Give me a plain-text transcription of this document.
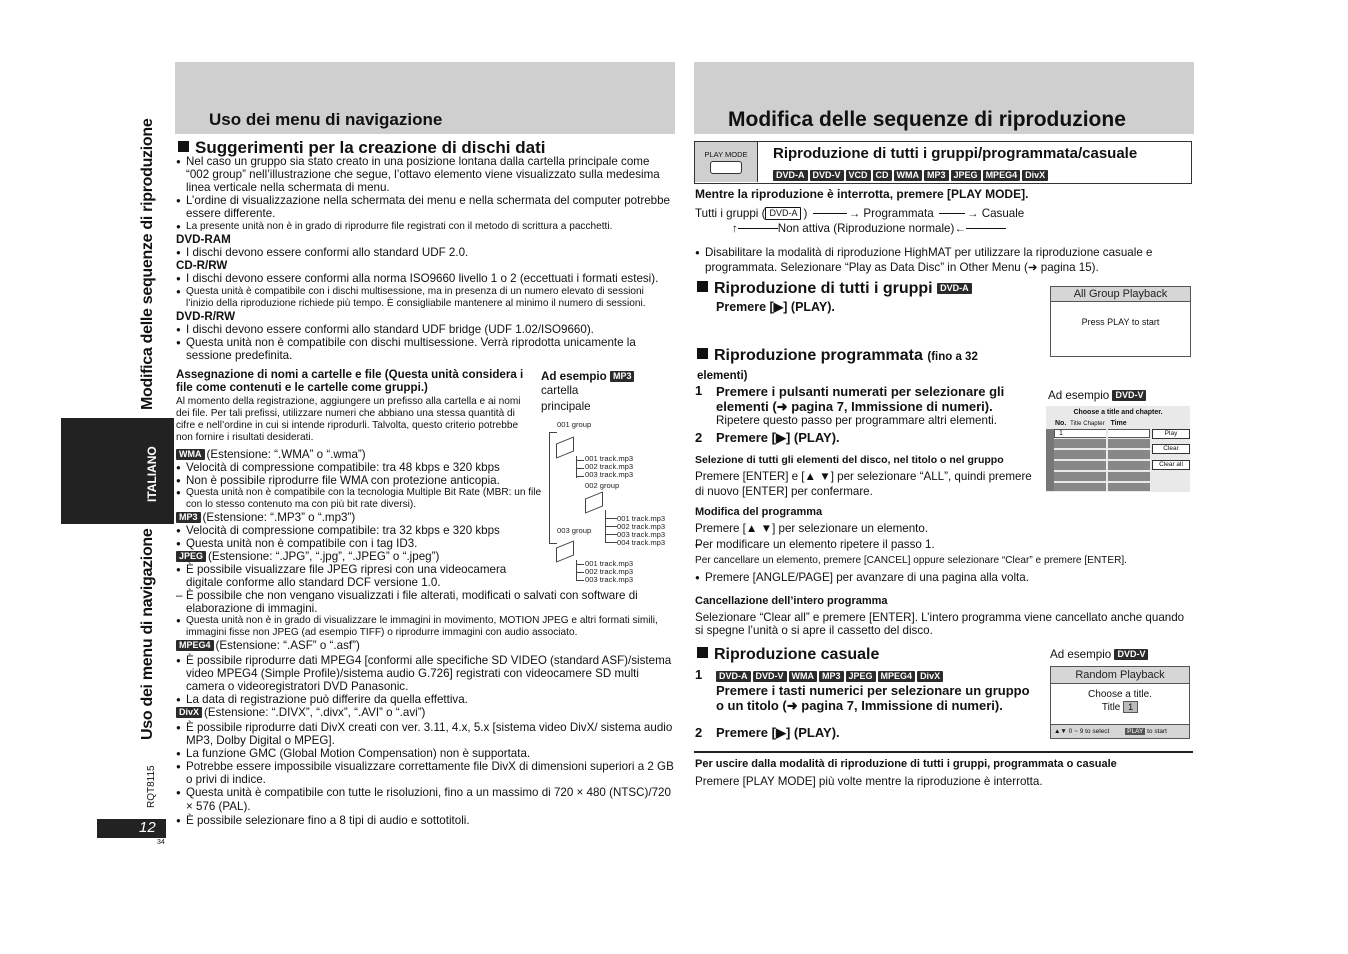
Modifica delle sequenze di riproduzione
Uso dei menu di navigazione
ITALIANO
RQT8115
12
34
Uso dei menu di navigazione
Suggerimenti per la creazione di dischi dati
● Nel caso un gruppo sia stato creato in una posizione lontana dalla cartella principale come “002 group” nell’illustrazione che segue, l’ottavo elemento viene visualizzato sulla medesima linea verticale nella schermata di menu.
● L’ordine di visualizzazione nella schermata dei menu e nella schermata del computer potrebbe essere differente.
● La presente unità non è in grado di riprodurre file registrati con il metodo di scrittura a pacchetti.
DVD-RAM
● I dischi devono essere conformi allo standard UDF 2.0.
CD-R/RW
● I dischi devono essere conformi alla norma ISO9660 livello 1 o 2 (eccettuati i formati estesi).
● Questa unità è compatibile con i dischi multisessione, ma in presenza di un numero elevato di sessioni l’inizio della riproduzione richiede più tempo. È consigliabile mantenere al minimo il numero di sessioni.
DVD-R/RW
● I dischi devono essere conformi allo standard UDF bridge (UDF 1.02/ISO9660).
● Questa unità non è compatibile con dischi multisessione. Verrà riprodotta unicamente la sessione predefinita.
Assegnazione di nomi a cartelle e file (Questa unità considera i file come contenuti e le cartelle come gruppi.)
Al momento della registrazione, aggiungere un prefisso alla cartella e ai nomi dei file. Per tali prefissi, utilizzare numeri che abbiano una stessa quantità di cifre e nell’ordine in cui si intende riprodurli. Talvolta, questo criterio potrebbe non fornire i risultati desiderati.
Ad esempio MP3
cartella principale
001 group
001 track.mp3
002 track.mp3
003 track.mp3
002 group
001 track.mp3
002 track.mp3
003 track.mp3
004 track.mp3
003 group
001 track.mp3
002 track.mp3
003 track.mp3
WMA (Estensione: “.WMA” o “.wma”)
● Velocità di compressione compatibile: tra 48 kbps e 320 kbps
● Non è possibile riprodurre file WMA con protezione anticopia.
● Questa unità non è compatibile con la tecnologia Multiple Bit Rate (MBR: un file con lo stesso contenuto ma con più bit rate diversi).
MP3 (Estensione: “.MP3” o “.mp3”)
● Velocità di compressione compatibile: tra 32 kbps e 320 kbps
● Questa unità non è compatibile con i tag ID3.
JPEG (Estensione: “.JPG”, “.jpg”, “.JPEG” o “.jpeg”)
● È possibile visualizzare file JPEG ripresi con una videocamera digitale conforme allo standard DCF versione 1.0.
– È possibile che non vengano visualizzati i file alterati, modificati o salvati con software di elaborazione di immagini.
● Questa unità non è in grado di visualizzare le immagini in movimento, MOTION JPEG e altri formati simili, immagini fisse non JPEG (ad esempio TIFF) o riprodurre immagini con audio associato.
MPEG4 (Estensione: “.ASF” o “.asf”)
● È possibile riprodurre dati MPEG4 [conformi alle specifiche SD VIDEO (standard ASF)/sistema video MPEG4 (Simple Profile)/sistema audio G.726] registrati con videocamere SD multi camera o videoregistratori DVD Panasonic.
● La data di registrazione può differire da quella effettiva.
DivX (Estensione: “.DIVX”, “.divx”, “.AVI” o “.avi”)
● È possibile riprodurre dati DivX creati con ver. 3.11, 4.x, 5.x [sistema video DivX/ sistema audio MP3, Dolby Digital o MPEG].
● La funzione GMC (Global Motion Compensation) non è supportata.
● Potrebbe essere impossibile visualizzare correttamente file DivX di dimensioni superiori a 2 GB o privi di indice.
● Questa unità è compatibile con tutte le risoluzioni, fino a un massimo di 720 × 480 (NTSC)/720 × 576 (PAL).
● È possibile selezionare fino a 8 tipi di audio e sottotitoli.
Modifica delle sequenze di riproduzione
PLAY MODE	Riproduzione di tutti i gruppi/programmata/casuale
DVD-A DVD-V VCD CD WMA MP3 JPEG MPEG4 DivX
Mentre la riproduzione è interrotta, premere [PLAY MODE].
Tutti i gruppi ( DVD-A )	→ Programmata	→ Casuale
↑	Non attiva (Riproduzione normale)←
● Disabilitare la modalità di riproduzione HighMAT per utilizzare la riproduzione casuale e programmata. Selezionare “Play as Data Disc” in Other Menu (➜ pagina 15).
Riproduzione di tutti i gruppi DVD-A
Premere [▶] (PLAY).
All Group Playback
Press PLAY to start
Riproduzione programmata (fino a 32 elementi)
1 Premere i pulsanti numerati per selezionare gli elementi (➜ pagina 7, Immissione di numeri).
Ripetere questo passo per programmare altri elementi.
2 Premere [▶] (PLAY).
Ad esempio DVD-V
Choose a title and chapter.
No. Title Chapter Time
1	Play
Clear
Clear all
Selezione di tutti gli elementi del disco, nel titolo o nel gruppo
Premere [ENTER] e [▲ ▼] per selezionare “ALL”, quindi premere di nuovo [ENTER] per confermare.
Modifica del programma
Premere [▲ ▼] per selezionare un elemento.
– Per modificare un elemento ripetere il passo 1.
Per cancellare un elemento, premere [CANCEL] oppure selezionare “Clear” e premere [ENTER].
● Premere [ANGLE/PAGE] per avanzare di una pagina alla volta.
Cancellazione dell’intero programma
Selezionare “Clear all” e premere [ENTER]. L’intero programma viene cancellato anche quando si spegne l’unità o si apre il cassetto del disco.
Riproduzione casuale
1	DVD-A DVD-V WMA MP3 JPEG MPEG4 DivX
Premere i tasti numerici per selezionare un gruppo o un titolo (➜ pagina 7, Immissione di numeri).
2 Premere [▶] (PLAY).
Ad esempio DVD-V
Random Playback
Choose a title.
Title 1
▲▼ 0 ~ 9 to select	PLAY to start
Per uscire dalla modalità di riproduzione di tutti i gruppi, programmata o casuale
Premere [PLAY MODE] più volte mentre la riproduzione è interrotta.
